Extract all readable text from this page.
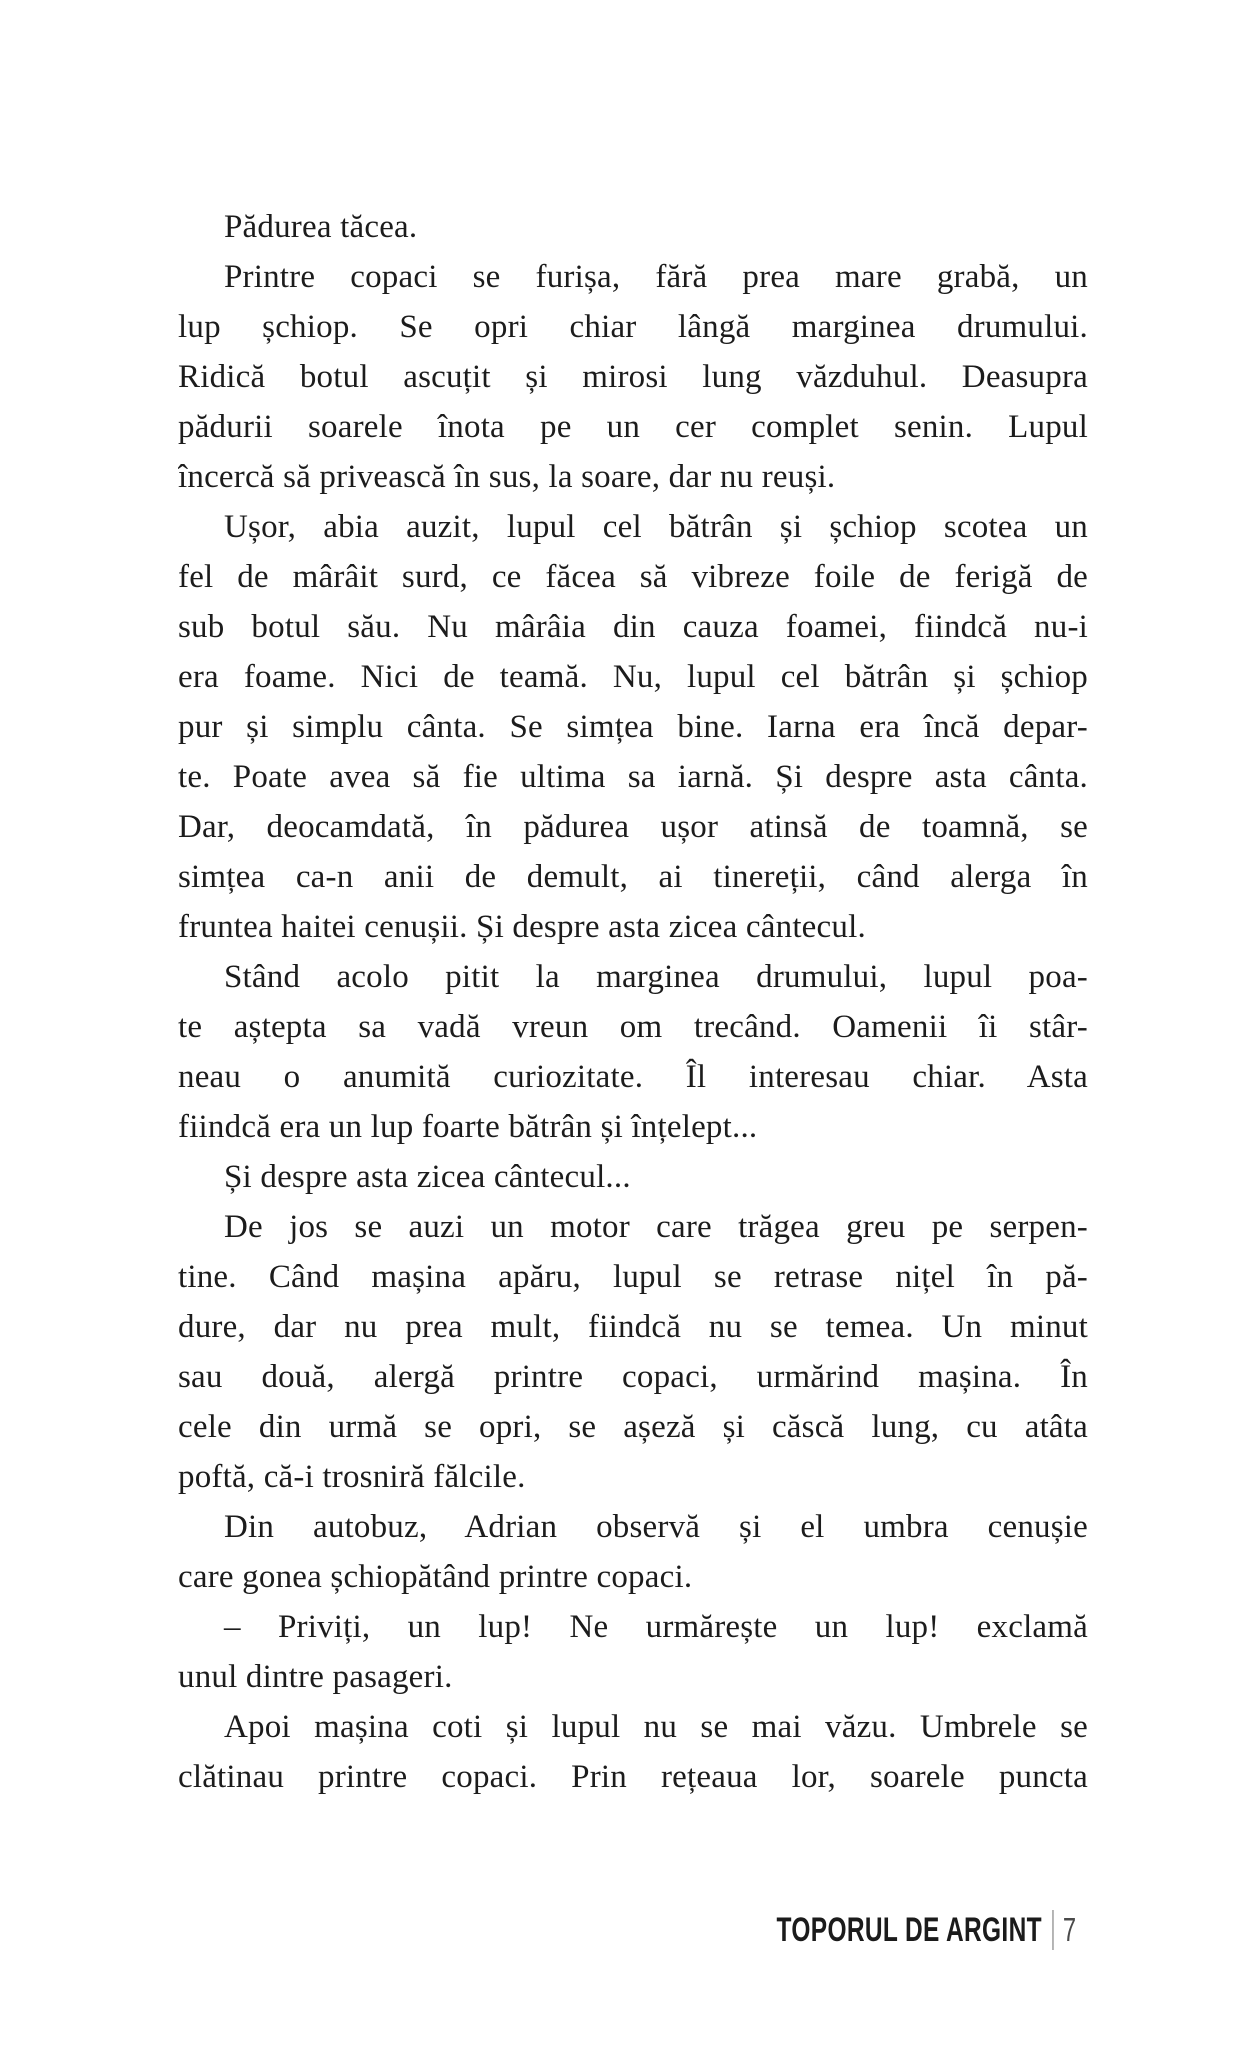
Pădurea tăcea.
Printre copaci se furișa, fără prea mare grabă, un
lup șchiop. Se opri chiar lângă marginea drumului.
Ridică botul ascuțit și mirosi lung văzduhul. Deasupra
pădurii soarele înota pe un cer complet senin. Lupul
încercă să privească în sus, la soare, dar nu reuși.
Ușor, abia auzit, lupul cel bătrân și șchiop scotea un
fel de mârâit surd, ce făcea să vibreze foile de ferigă de
sub botul său. Nu mârâia din cauza foamei, fiindcă nu-i
era foame. Nici de teamă. Nu, lupul cel bătrân și șchiop
pur și simplu cânta. Se simțea bine. Iarna era încă depar-
te. Poate avea să fie ultima sa iarnă. Și despre asta cânta.
Dar, deocamdată, în pădurea ușor atinsă de toamnă, se
simțea ca-n anii de demult, ai tinereții, când alerga în
fruntea haitei cenușii. Și despre asta zicea cântecul.
Stând acolo pitit la marginea drumului, lupul poa-
te aștepta sa vadă vreun om trecând. Oamenii îi stâr-
neau o anumită curiozitate. Îl interesau chiar. Asta
fiindcă era un lup foarte bătrân și înțelept...
Și despre asta zicea cântecul...
De jos se auzi un motor care trăgea greu pe serpen-
tine. Când mașina apăru, lupul se retrase nițel în pă-
dure, dar nu prea mult, fiindcă nu se temea. Un minut
sau două, alergă printre copaci, urmărind mașina. În
cele din urmă se opri, se așeză și căscă lung, cu atâta
poftă, că-i trosniră fălcile.
Din autobuz, Adrian observă și el umbra cenușie
care gonea șchiopătând printre copaci.
– Priviți, un lup! Ne urmărește un lup! exclamă
unul dintre pasageri.
Apoi mașina coti și lupul nu se mai văzu. Umbrele se
clătinau printre copaci. Prin rețeaua lor, soarele puncta
TOPORUL DE ARGINT 7
